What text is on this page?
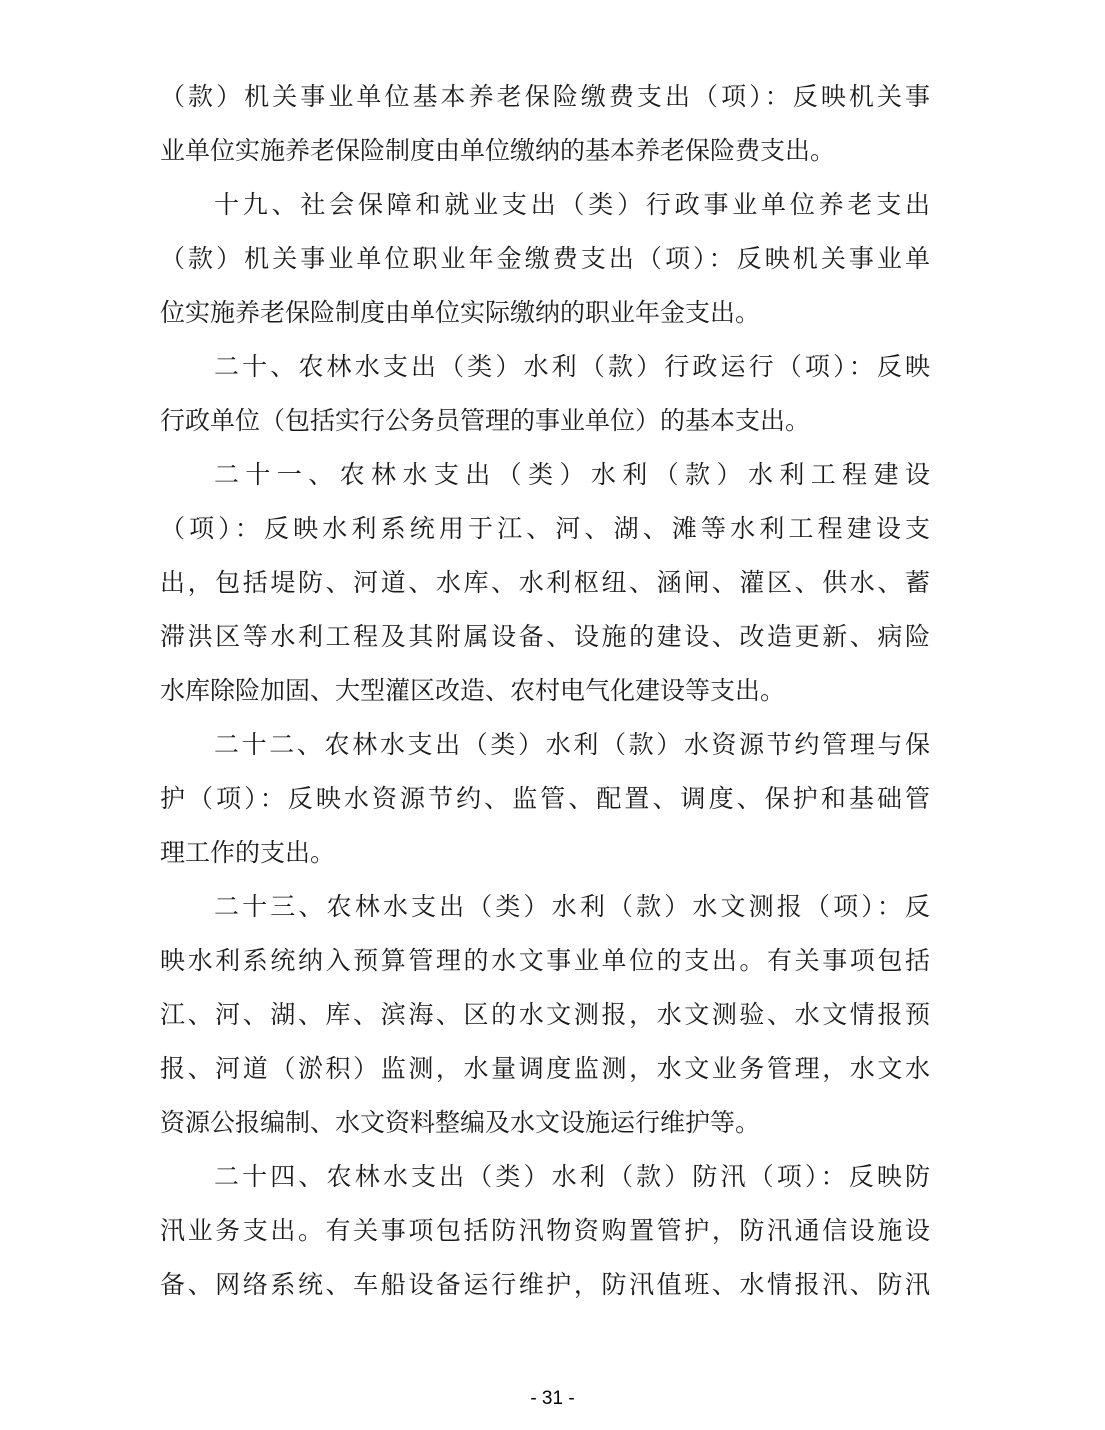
（款）机关事业单位基本养老保险缴费支出（项）：反映机关事
业单位实施养老保险制度由单位缴纳的基本养老保险费支出。
十九、社会保障和就业支出（类）行政事业单位养老支出
（款）机关事业单位职业年金缴费支出（项）：反映机关事业单
位实施养老保险制度由单位实际缴纳的职业年金支出。
二十、农林水支出（类）水利（款）行政运行（项）：反映
行政单位（包括实行公务员管理的事业单位）的基本支出。
二十一、农林水支出（类）水利（款）水利工程建设
（项）：反映水利系统用于江、河、湖、滩等水利工程建设支
出，包括堤防、河道、水库、水利枢纽、涵闸、灌区、供水、蓄
滞洪区等水利工程及其附属设备、设施的建设、改造更新、病险
水库除险加固、大型灌区改造、农村电气化建设等支出。
二十二、农林水支出（类）水利（款）水资源节约管理与保
护（项）：反映水资源节约、监管、配置、调度、保护和基础管
理工作的支出。
二十三、农林水支出（类）水利（款）水文测报（项）：反
映水利系统纳入预算管理的水文事业单位的支出。有关事项包括
江、河、湖、库、滨海、区的水文测报，水文测验、水文情报预
报、河道（淤积）监测，水量调度监测，水文业务管理，水文水
资源公报编制、水文资料整编及水文设施运行维护等。
二十四、农林水支出（类）水利（款）防汛（项）：反映防
汛业务支出。有关事项包括防汛物资购置管护，防汛通信设施设
备、网络系统、车船设备运行维护，防汛值班、水情报汛、防汛
- 31 -
